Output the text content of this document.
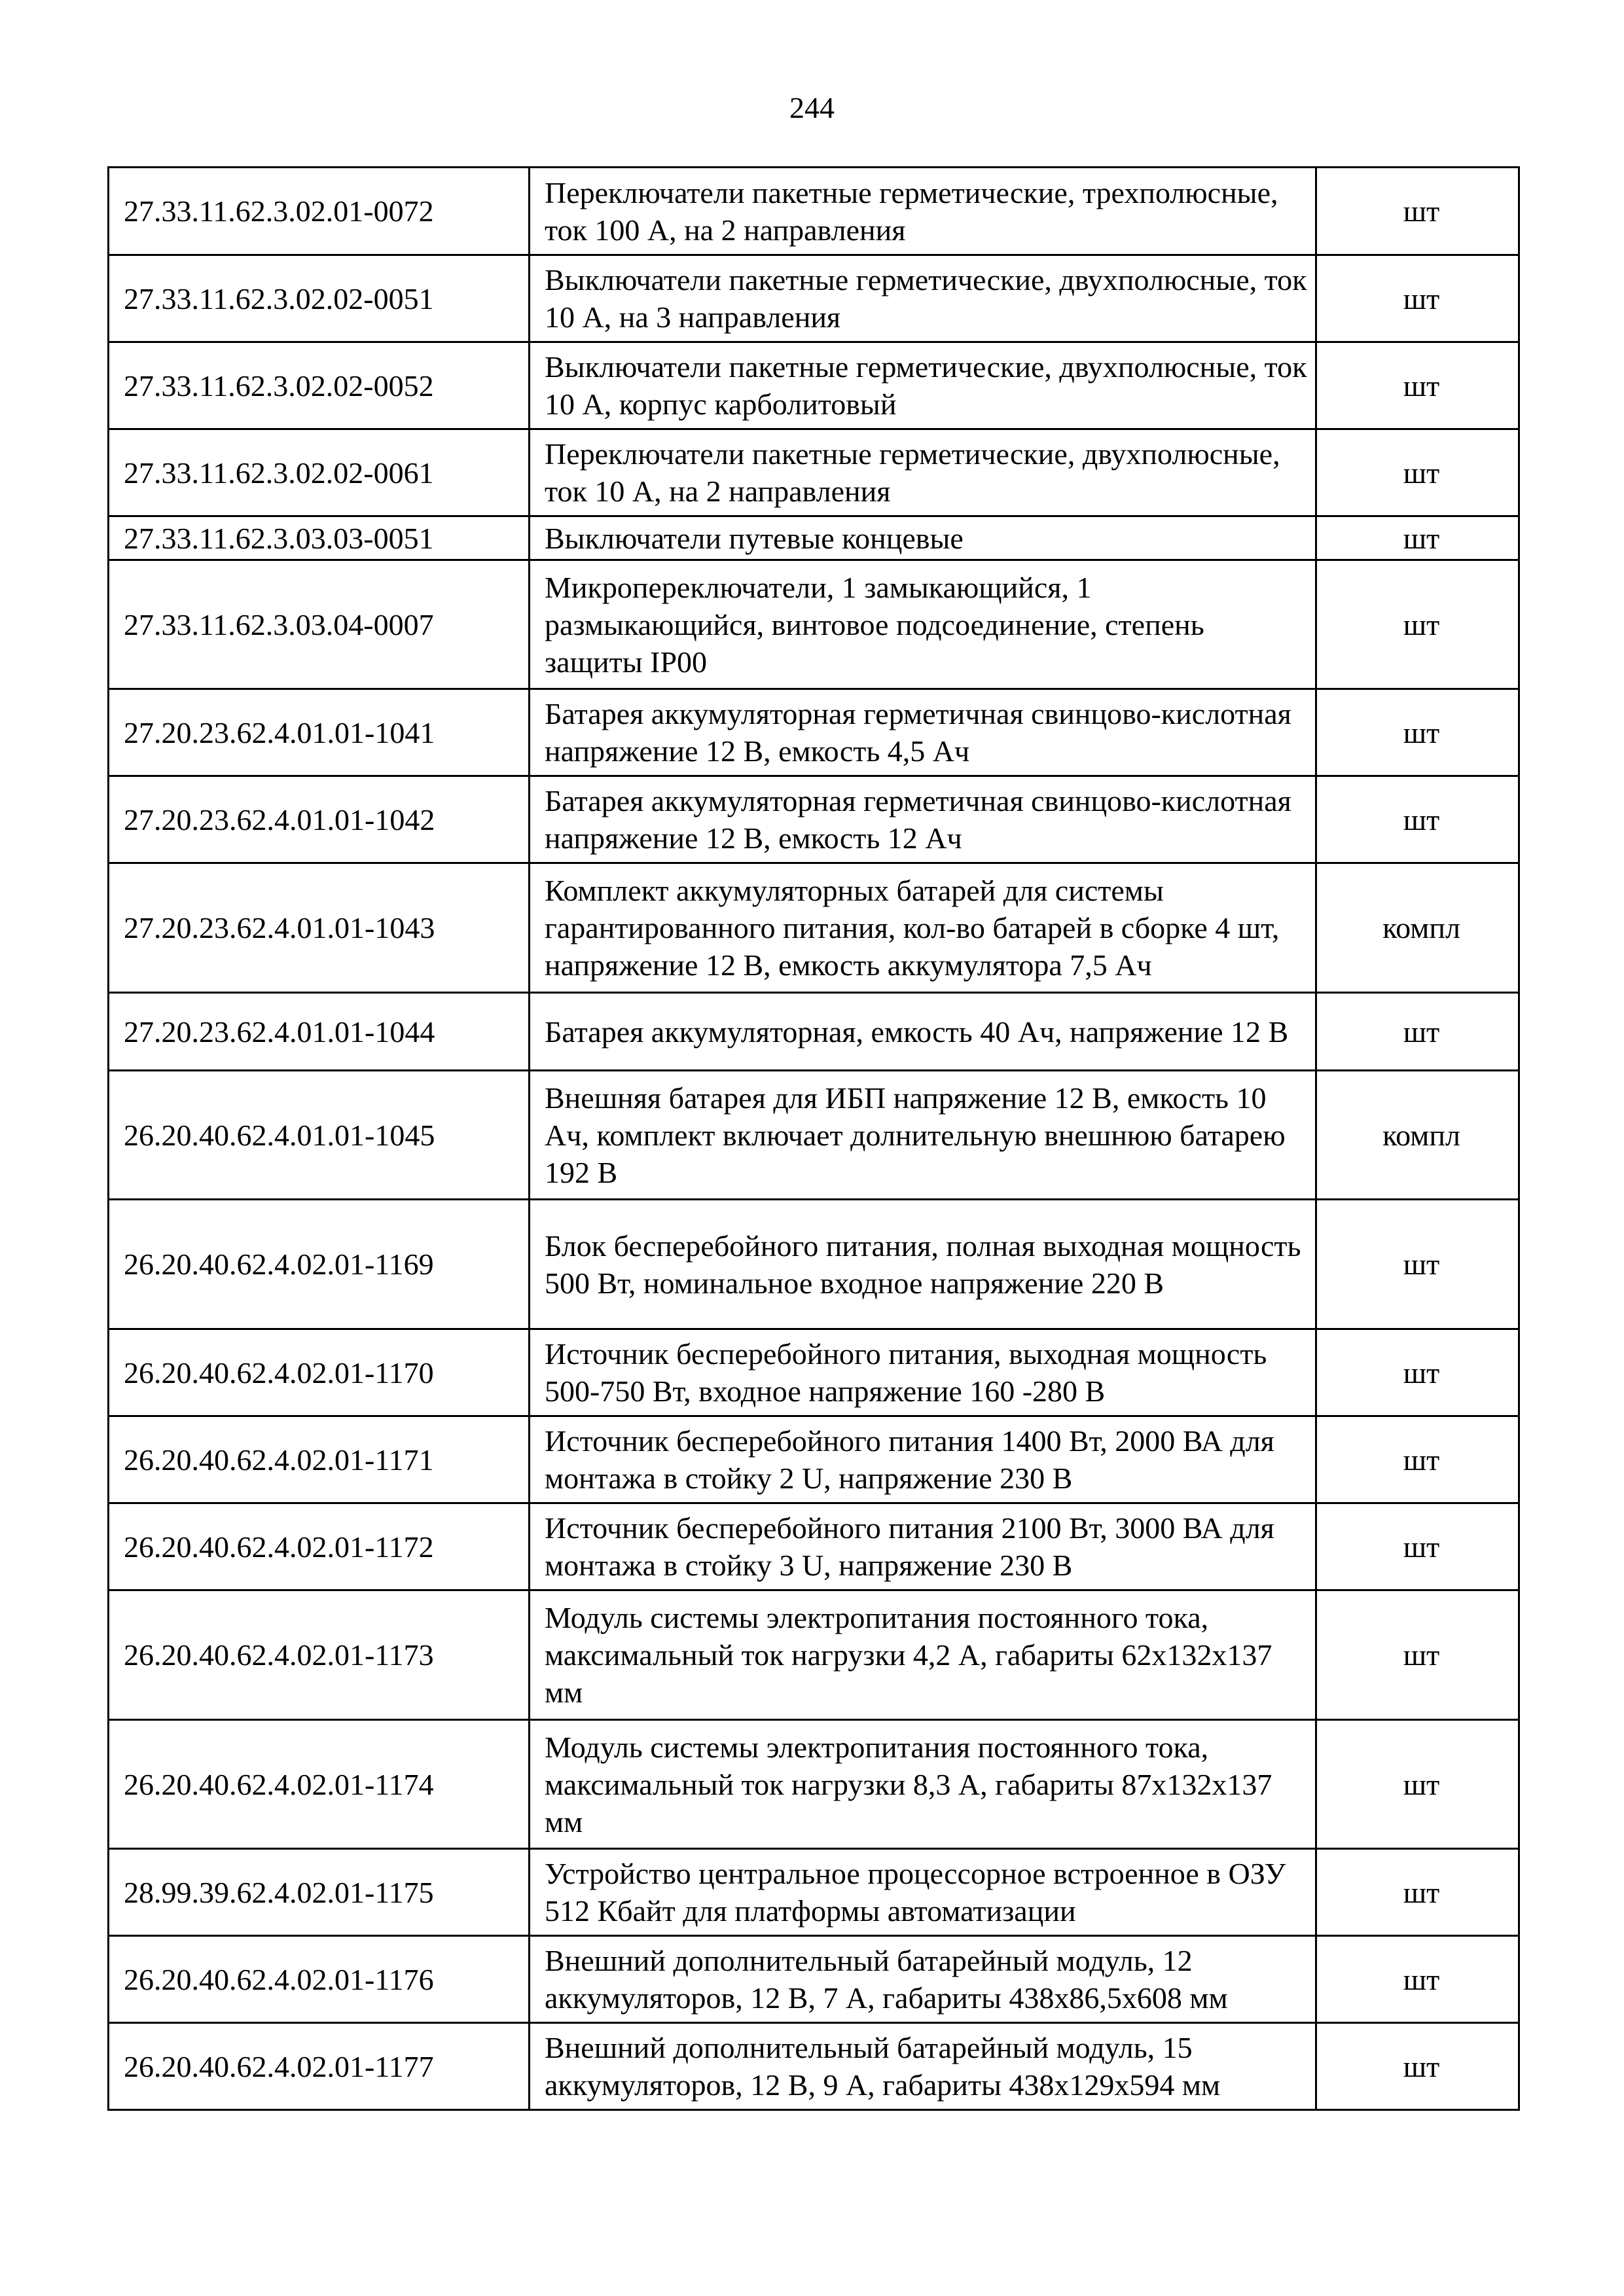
244
27.33.11.62.3.02.01-0072	Переключатели пакетные герметические, трехполюсные, ток 100 А, на 2 направления	шт
27.33.11.62.3.02.02-0051	Выключатели пакетные герметические, двухполюсные, ток 10 А, на 3 направления	шт
27.33.11.62.3.02.02-0052	Выключатели пакетные герметические, двухполюсные, ток 10 А, корпус карболитовый	шт
27.33.11.62.3.02.02-0061	Переключатели пакетные герметические, двухполюсные, ток 10 А, на 2 направления	шт
27.33.11.62.3.03.03-0051	Выключатели путевые концевые	шт
27.33.11.62.3.03.04-0007	Микропереключатели, 1 замыкающийся, 1 размыкающийся, винтовое подсоединение, степень защиты IP00	шт
27.20.23.62.4.01.01-1041	Батарея аккумуляторная герметичная свинцово-кислотная напряжение 12 В, емкость 4,5 Ач	шт
27.20.23.62.4.01.01-1042	Батарея аккумуляторная герметичная свинцово-кислотная напряжение 12 В, емкость 12 Ач	шт
27.20.23.62.4.01.01-1043	Комплект аккумуляторных батарей для системы гарантированного питания, кол-во батарей в сборке 4 шт, напряжение 12 В, емкость аккумулятора 7,5 Ач	компл
27.20.23.62.4.01.01-1044	Батарея аккумуляторная, емкость 40 Ач, напряжение 12 В	шт
26.20.40.62.4.01.01-1045	Внешняя батарея для ИБП напряжение 12 В, емкость 10 Ач, комплект включает долнительную внешнюю батарею 192 В	компл
26.20.40.62.4.02.01-1169	Блок бесперебойного питания, полная выходная мощность 500 Вт, номинальное входное напряжение 220 В	шт
26.20.40.62.4.02.01-1170	Источник бесперебойного питания, выходная мощность 500-750 Вт, входное напряжение 160 -280 В	шт
26.20.40.62.4.02.01-1171	Источник бесперебойного питания 1400 Вт, 2000 ВА для монтажа в стойку 2 U, напряжение 230 В	шт
26.20.40.62.4.02.01-1172	Источник бесперебойного питания 2100 Вт, 3000 ВА для монтажа в стойку 3 U, напряжение 230 В	шт
26.20.40.62.4.02.01-1173	Модуль системы электропитания постоянного тока, максимальный ток нагрузки 4,2 А, габариты 62х132х137 мм	шт
26.20.40.62.4.02.01-1174	Модуль системы электропитания постоянного тока, максимальный ток нагрузки 8,3 А, габариты 87х132х137 мм	шт
28.99.39.62.4.02.01-1175	Устройство центральное процессорное встроенное в ОЗУ 512 Кбайт для платформы автоматизации	шт
26.20.40.62.4.02.01-1176	Внешний дополнительный батарейный модуль, 12 аккумуляторов, 12 В, 7 А, габариты 438х86,5х608 мм	шт
26.20.40.62.4.02.01-1177	Внешний дополнительный батарейный модуль, 15 аккумуляторов, 12 В, 9 А, габариты 438х129х594 мм	шт
